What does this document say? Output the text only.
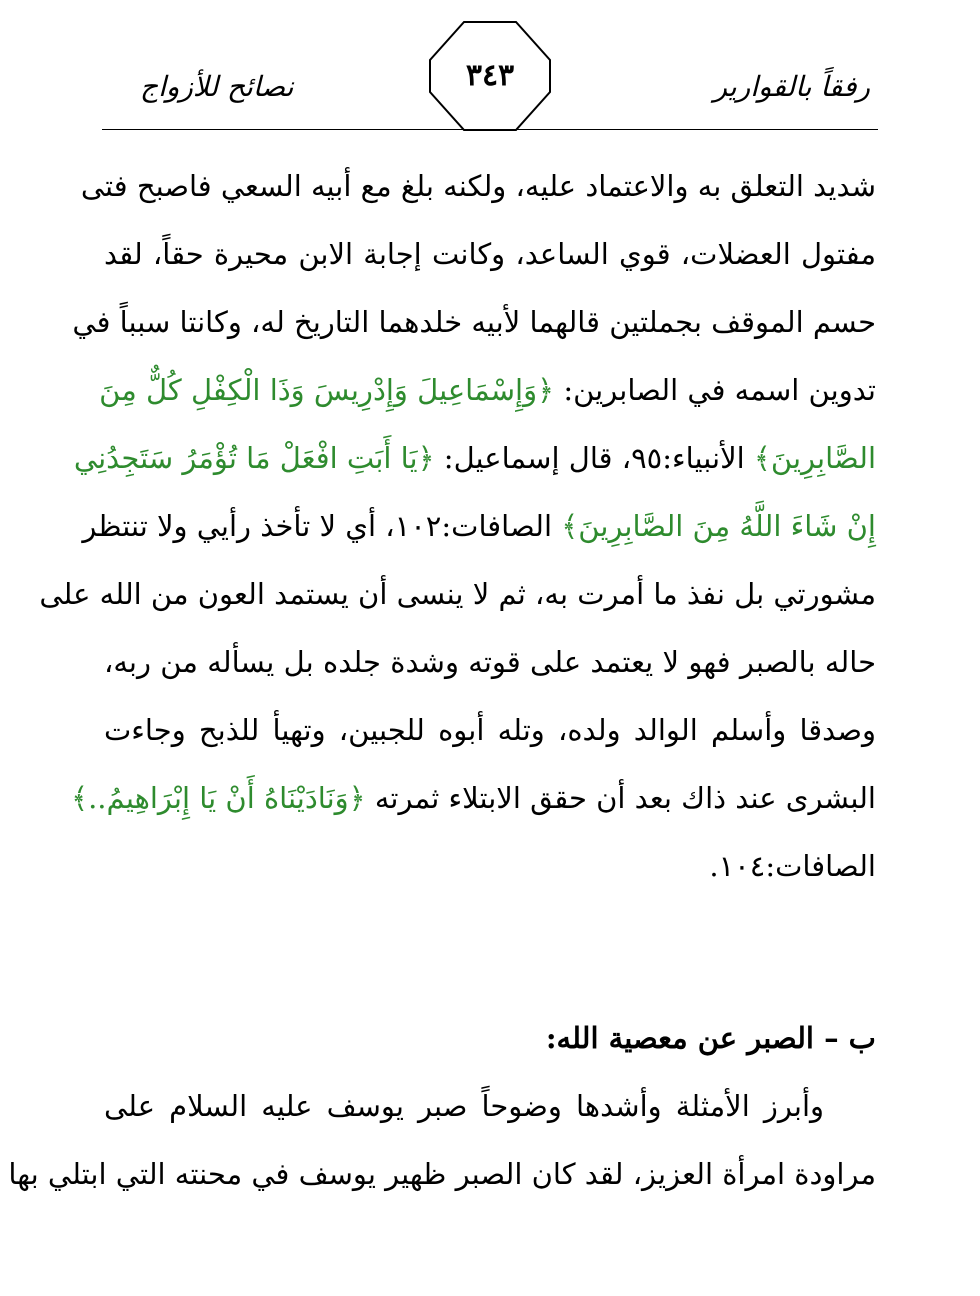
رفقاً بالقوارير
٣٤٣
نصائح للأزواج
شديد التعلق به والاعتماد عليه، ولكنه بلغ مع أبيه السعي فاصبح فتى
مفتول العضلات، قوي الساعد، وكانت إجابة الابن محيرة حقاً، لقد
حسم الموقف بجملتين قالهما لأبيه خلدهما التاريخ له، وكانتا سبباً في
تدوين اسمه في الصابرين: ﴿وَإِسْمَاعِيلَ وَإِدْرِيسَ وَذَا الْكِفْلِ كُلٌّ مِنَ
الصَّابِرِينَ﴾ الأنبياء:٩٥، قال إسماعيل: ﴿يَا أَبَتِ افْعَلْ مَا تُؤْمَرُ سَتَجِدُنِي
إِنْ شَاءَ اللَّهُ مِنَ الصَّابِرِينَ﴾ الصافات:١٠٢، أي لا تأخذ رأيي ولا تنتظر
مشورتي بل نفذ ما أمرت به، ثم لا ينسى أن يستمد العون من الله على
حاله بالصبر فهو لا يعتمد على قوته وشدة جلده بل يسأله من ربه،
وصدقا وأسلم الوالد ولده، وتله أبوه للجبين، وتهيأ للذبح وجاءت
البشرى عند ذاك بعد أن حقق الابتلاء ثمرته ﴿وَنَادَيْنَاهُ أَنْ يَا إِبْرَاهِيمُ..﴾
الصافات:١٠٤.
ب – الصبر عن معصية الله:
وأبرز الأمثلة وأشدها وضوحاً صبر يوسف عليه السلام على
مراودة امرأة العزيز، لقد كان الصبر ظهير يوسف في محنته التي ابتلي بها
